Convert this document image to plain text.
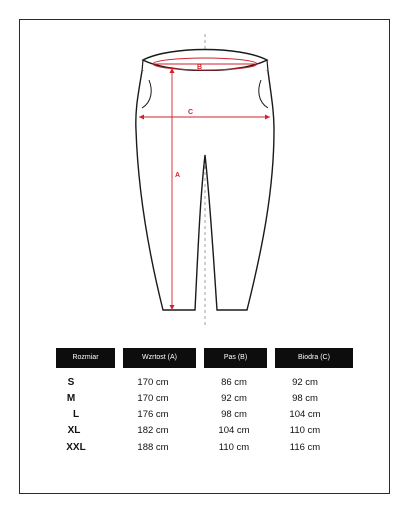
B
C
A
Rozmiar	Wzrtost (A)	Pas (B)	Biodra (C)
S	170 cm	86 cm	92 cm
M	170 cm	92 cm	98 cm
L	176 cm	98 cm	104 cm
XL	182 cm	104 cm	110 cm
XXL	188 cm	110 cm	116 cm
